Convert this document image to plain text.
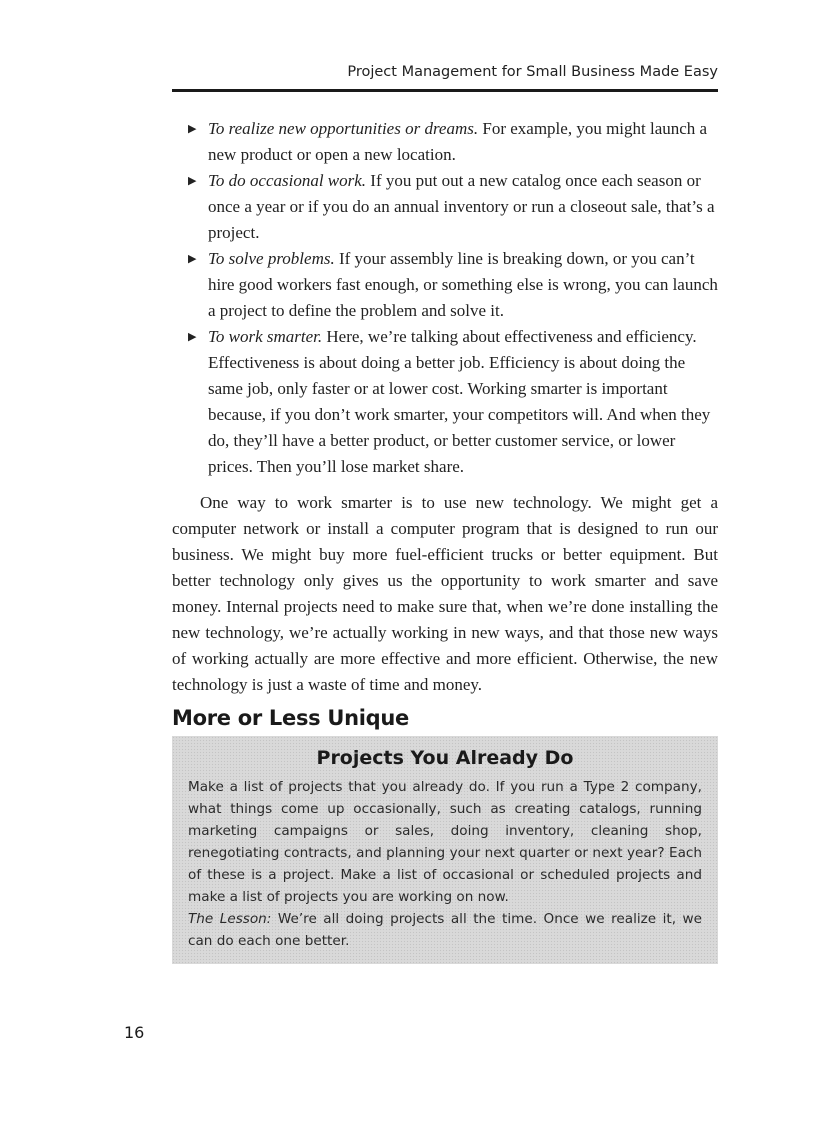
Project Management for Small Business Made Easy
▶ To realize new opportunities or dreams. For example, you might launch a new product or open a new location.
▶ To do occasional work. If you put out a new catalog once each season or once a year or if you do an annual inventory or run a closeout sale, that’s a project.
▶ To solve problems. If your assembly line is breaking down, or you can’t hire good workers fast enough, or something else is wrong, you can launch a project to define the problem and solve it.
▶ To work smarter. Here, we’re talking about effectiveness and efficiency. Effectiveness is about doing a better job. Efficiency is about doing the same job, only faster or at lower cost. Working smarter is important because, if you don’t work smarter, your competitors will. And when they do, they’ll have a better product, or better customer service, or lower prices. Then you’ll lose market share.

One way to work smarter is to use new technology. We might get a computer network or install a computer program that is designed to run our business. We might buy more fuel-efficient trucks or better equipment. But better technology only gives us the opportunity to work smarter and save money. Internal projects need to make sure that, when we’re done installing the new technology, we’re actually working in new ways, and that those new ways of working actually are more effective and more efficient. Otherwise, the new technology is just a waste of time and money.

More or Less Unique
Projects You Already Do

Make a list of projects that you already do. If you run a Type 2 company, what things come up occasionally, such as creating catalogs, running marketing campaigns or sales, doing inventory, cleaning shop, renegotiating contracts, and planning your next quarter or next year? Each of these is a project. Make a list of occasional or scheduled projects and make a list of projects you are working on now.
The Lesson: We’re all doing projects all the time. Once we realize it, we can do each one better.

16
